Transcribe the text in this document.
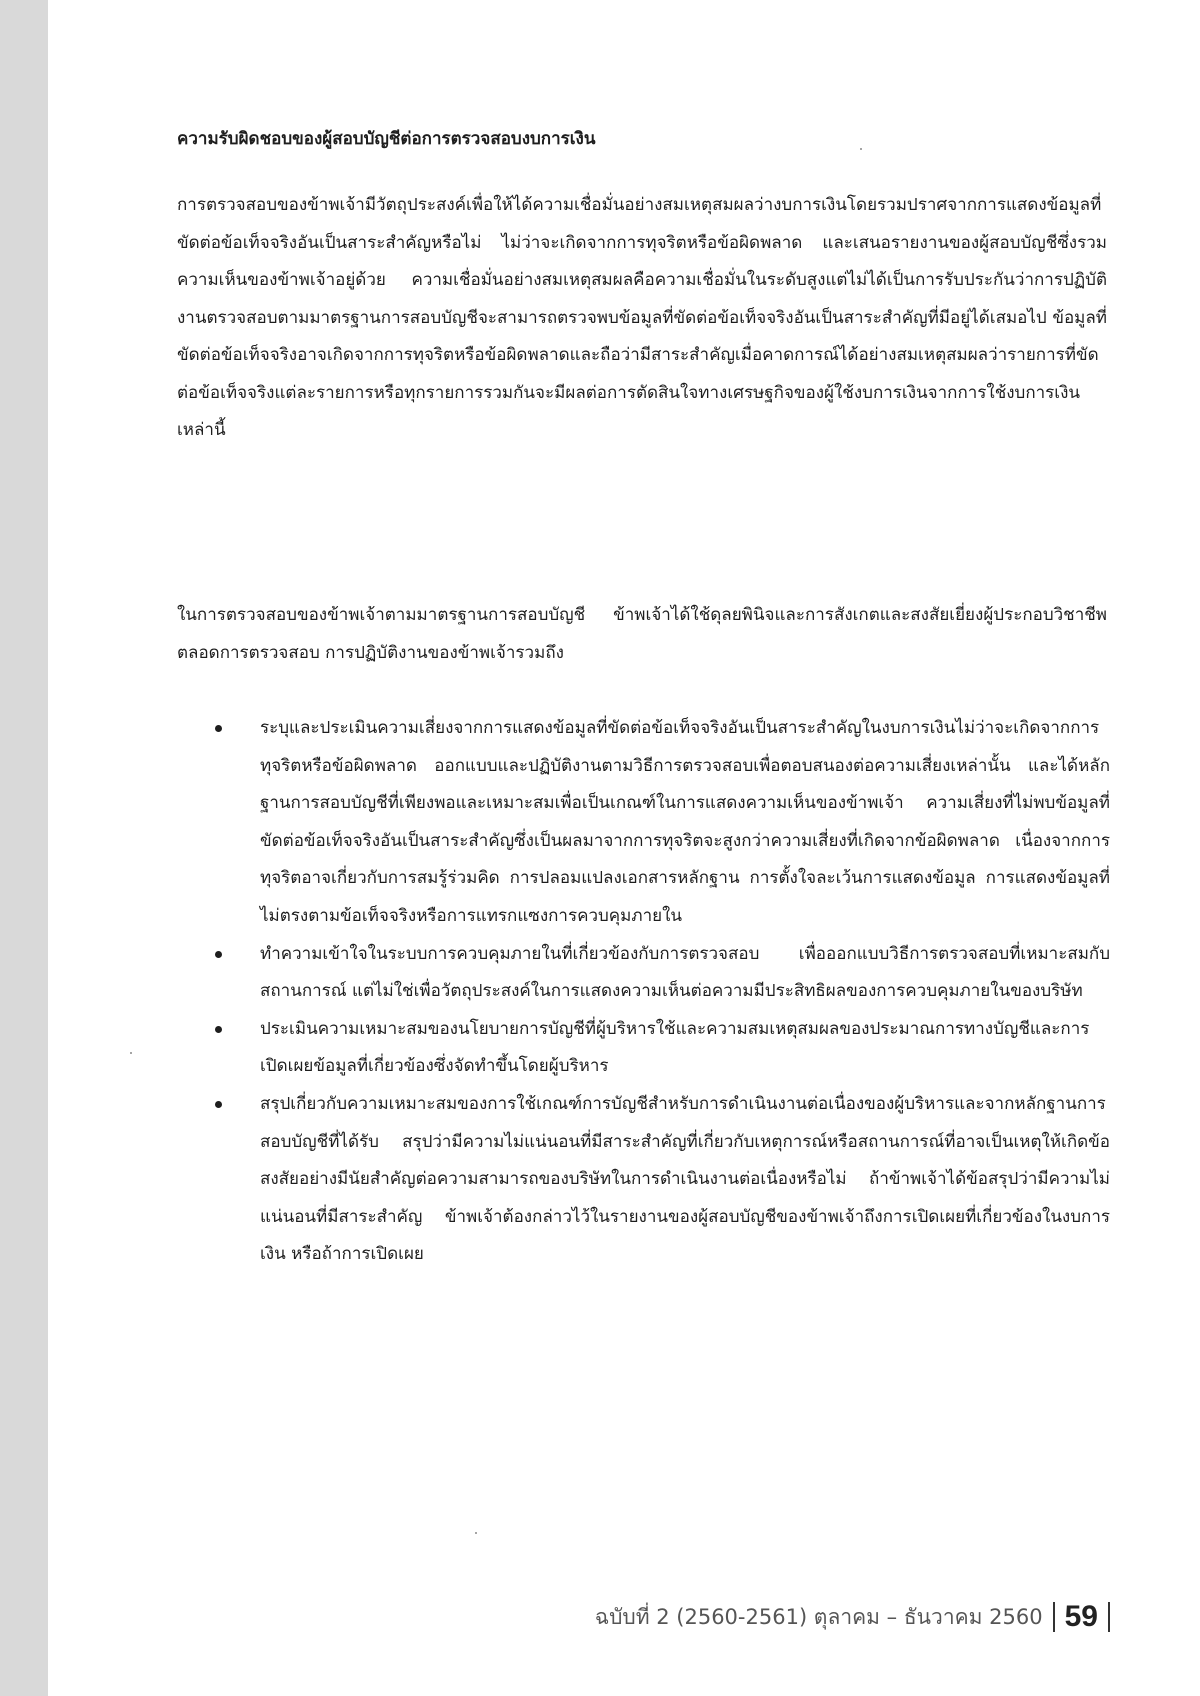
ความรับผิดชอบของผู้สอบบัญชีต่อการตรวจสอบงบการเงิน

การตรวจสอบของข้าพเจ้ามีวัตถุประสงค์เพื่อให้ได้ความเชื่อมั่นอย่างสมเหตุสมผลว่างบการเงินโดยรวมปราศจากการแสดงข้อมูลที่ขัดต่อข้อเท็จจริงอันเป็นสาระสำคัญหรือไม่ ไม่ว่าจะเกิดจากการทุจริตหรือข้อผิดพลาด และเสนอรายงานของผู้สอบบัญชีซึ่งรวมความเห็นของข้าพเจ้าอยู่ด้วย ความเชื่อมั่นอย่างสมเหตุสมผลคือความเชื่อมั่นในระดับสูงแต่ไม่ได้เป็นการรับประกันว่าการปฏิบัติงานตรวจสอบตามมาตรฐานการสอบบัญชีจะสามารถตรวจพบข้อมูลที่ขัดต่อข้อเท็จจริงอันเป็นสาระสำคัญที่มีอยู่ได้เสมอไป ข้อมูลที่ขัดต่อข้อเท็จจริงอาจเกิดจากการทุจริตหรือข้อผิดพลาดและถือว่ามีสาระสำคัญเมื่อคาดการณ์ได้อย่างสมเหตุสมผลว่ารายการที่ขัดต่อข้อเท็จจริงแต่ละรายการหรือทุกรายการรวมกันจะมีผลต่อการตัดสินใจทางเศรษฐกิจของผู้ใช้งบการเงินจากการใช้งบการเงินเหล่านี้

ในการตรวจสอบของข้าพเจ้าตามมาตรฐานการสอบบัญชี ข้าพเจ้าได้ใช้ดุลยพินิจและการสังเกตและสงสัยเยี่ยงผู้ประกอบวิชาชีพตลอดการตรวจสอบ การปฏิบัติงานของข้าพเจ้ารวมถึง

ระบุและประเมินความเสี่ยงจากการแสดงข้อมูลที่ขัดต่อข้อเท็จจริงอันเป็นสาระสำคัญในงบการเงินไม่ว่าจะเกิดจากการทุจริตหรือข้อผิดพลาด ออกแบบและปฏิบัติงานตามวิธีการตรวจสอบเพื่อตอบสนองต่อความเสี่ยงเหล่านั้น และได้หลักฐานการสอบบัญชีที่เพียงพอและเหมาะสมเพื่อเป็นเกณฑ์ในการแสดงความเห็นของข้าพเจ้า ความเสี่ยงที่ไม่พบข้อมูลที่ขัดต่อข้อเท็จจริงอันเป็นสาระสำคัญซึ่งเป็นผลมาจากการทุจริตจะสูงกว่าความเสี่ยงที่เกิดจากข้อผิดพลาด เนื่องจากการทุจริตอาจเกี่ยวกับการสมรู้ร่วมคิด การปลอมแปลงเอกสารหลักฐาน การตั้งใจละเว้นการแสดงข้อมูล การแสดงข้อมูลที่ไม่ตรงตามข้อเท็จจริงหรือการแทรกแซงการควบคุมภายใน
ทำความเข้าใจในระบบการควบคุมภายในที่เกี่ยวข้องกับการตรวจสอบ เพื่อออกแบบวิธีการตรวจสอบที่เหมาะสมกับสถานการณ์ แต่ไม่ใช่เพื่อวัตถุประสงค์ในการแสดงความเห็นต่อความมีประสิทธิผลของการควบคุมภายในของบริษัท
ประเมินความเหมาะสมของนโยบายการบัญชีที่ผู้บริหารใช้และความสมเหตุสมผลของประมาณการทางบัญชีและการเปิดเผยข้อมูลที่เกี่ยวข้องซึ่งจัดทำขึ้นโดยผู้บริหาร
สรุปเกี่ยวกับความเหมาะสมของการใช้เกณฑ์การบัญชีสำหรับการดำเนินงานต่อเนื่องของผู้บริหารและจากหลักฐานการสอบบัญชีที่ได้รับ สรุปว่ามีความไม่แน่นอนที่มีสาระสำคัญที่เกี่ยวกับเหตุการณ์หรือสถานการณ์ที่อาจเป็นเหตุให้เกิดข้อสงสัยอย่างมีนัยสำคัญต่อความสามารถของบริษัทในการดำเนินงานต่อเนื่องหรือไม่ ถ้าข้าพเจ้าได้ข้อสรุปว่ามีความไม่แน่นอนที่มีสาระสำคัญ ข้าพเจ้าต้องกล่าวไว้ในรายงานของผู้สอบบัญชีของข้าพเจ้าถึงการเปิดเผยที่เกี่ยวข้องในงบการเงิน หรือถ้าการเปิดเผย
ฉบับที่ 2 (2560-2561) ตุลาคม – ธันวาคม 2560 59
